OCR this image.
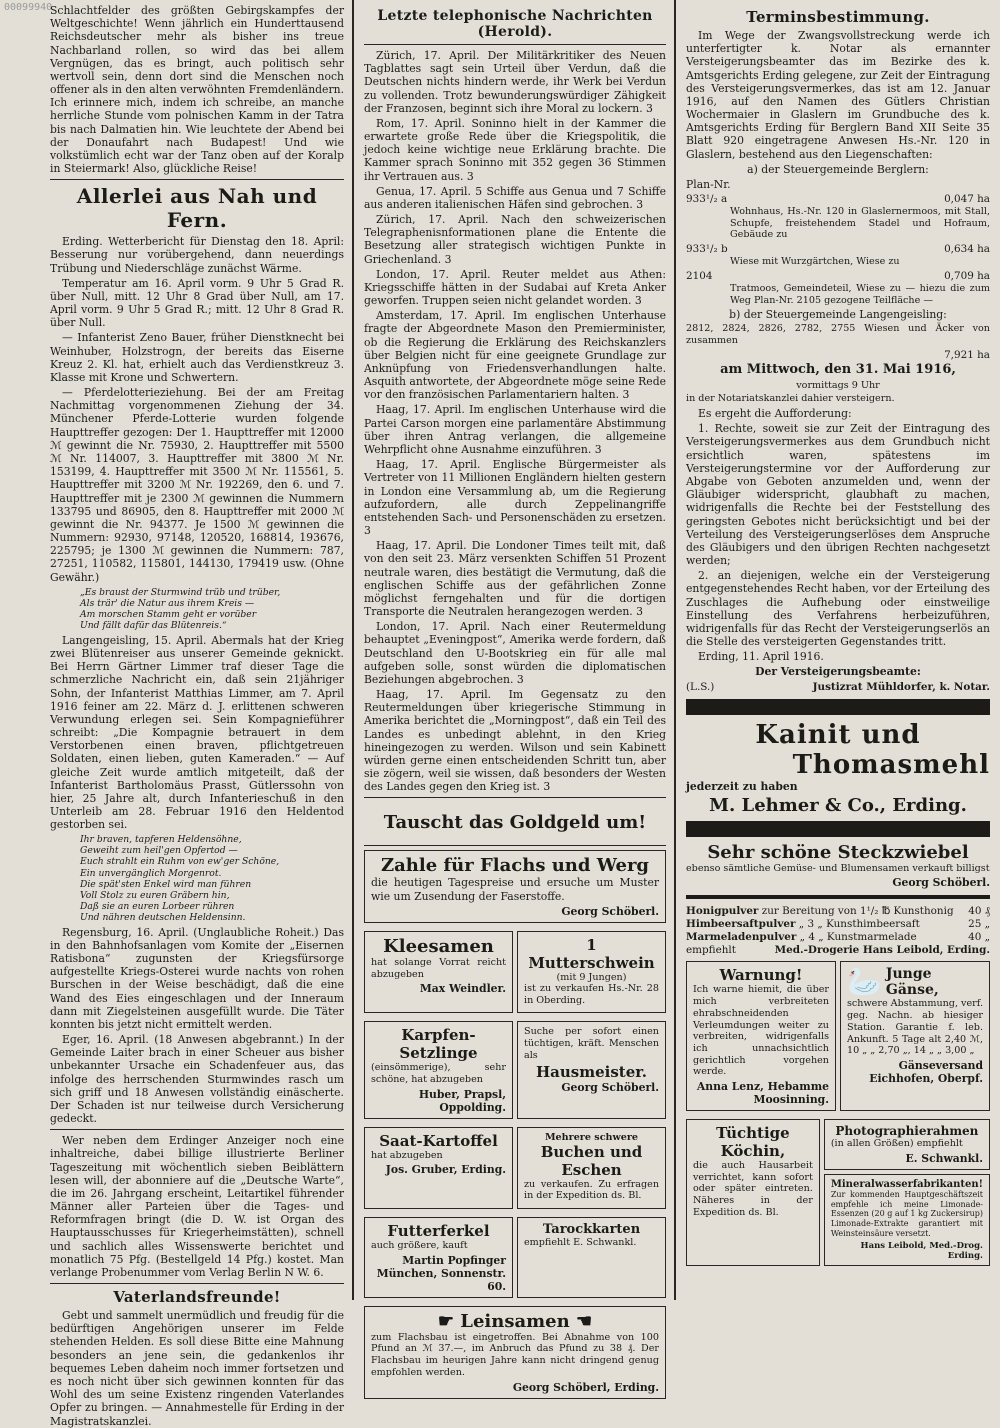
00099940

Schlachtfelder des größten Gebirgskampfes der Weltgeschichte! Wenn jährlich ein Hunderttausend Reichsdeutscher mehr als bisher ins treue Nachbarland rollen, so wird das bei allem Vergnügen, das es bringt, auch politisch sehr wertvoll sein, denn dort sind die Menschen noch offener als in den alten verwöhnten Fremdenländern. Ich erinnere mich, indem ich schreibe, an manche herrliche Stunde vom polnischen Kamm in der Tatra bis nach Dalmatien hin. Wie leuchtete der Abend bei der Donaufahrt nach Budapest! Und wie volkstümlich echt war der Tanz oben auf der Koralp in Steiermark! Also, glückliche Reise!

Allerlei aus Nah und Fern.

Erding. Wetterbericht für Dienstag den 18. April: Besserung nur vorübergehend, dann neuerdings Trübung und Niederschläge zunächst Wärme.

Temperatur am 16. April vorm. 9 Uhr 5 Grad R. über Null, mitt. 12 Uhr 8 Grad über Null, am 17. April vorm. 9 Uhr 5 Grad R.; mitt. 12 Uhr 8 Grad R. über Null.

— Infanterist Zeno Bauer, früher Dienstknecht bei Weinhuber, Holzstrogn, der bereits das Eiserne Kreuz 2. Kl. hat, erhielt auch das Verdienstkreuz 3. Klasse mit Krone und Schwertern.

— Pferdelotterieziehung. Bei der am Freitag Nachmittag vorgenommenen Ziehung der 34. Münchener Pferde-Lotterie wurden folgende Haupttreffer gezogen: Der 1. Haupttreffer mit 12000 ℳ gewinnt die Nr. 75930, 2. Haupttreffer mit 5500 ℳ Nr. 114007, 3. Haupttreffer mit 3800 ℳ Nr. 153199, 4. Haupttreffer mit 3500 ℳ Nr. 115561, 5. Haupttreffer mit 3200 ℳ Nr. 192269, den 6. und 7. Haupttreffer mit je 2300 ℳ gewinnen die Nummern 133795 und 86905, den 8. Haupttreffer mit 2000 ℳ gewinnt die Nr. 94377. Je 1500 ℳ gewinnen die Nummern: 92930, 97148, 120520, 168814, 193676, 225795; je 1300 ℳ gewinnen die Nummern: 787, 27251, 110582, 115801, 144130, 179419 usw. (Ohne Gewähr.)

„Es braust der Sturmwind trüb und trüber,
Als trär' die Natur aus ihrem Kreis —
Am morschen Stamm geht er vorüber
Und fällt dafür das Blütenreis.“

Langengeisling, 15. April. Abermals hat der Krieg zwei Blütenreiser aus unserer Gemeinde geknickt. Bei Herrn Gärtner Limmer traf dieser Tage die schmerzliche Nachricht ein, daß sein 21jähriger Sohn, der Infanterist Matthias Limmer, am 7. April 1916 feiner am 22. März d. J. erlittenen schweren Verwundung erlegen sei. Sein Kompagnieführer schreibt: „Die Kompagnie betrauert in dem Verstorbenen einen braven, pflichtgetreuen Soldaten, einen lieben, guten Kameraden.“ — Auf gleiche Zeit wurde amtlich mitgeteilt, daß der Infanterist Bartholomäus Prasst, Gütlerssohn von hier, 25 Jahre alt, durch Infanterieschuß in den Unterleib am 28. Februar 1916 den Heldentod gestorben sei.

Ihr braven, tapferen Heldensöhne,
Geweiht zum heil'gen Opfertod —
Euch strahlt ein Ruhm von ew'ger Schöne,
Ein unvergänglich Morgenrot.
Die spät'sten Enkel wird man führen
Voll Stolz zu euren Gräbern hin,
Daß sie an euren Lorbeer rühren
Und nähren deutschen Heldensinn.

Regensburg, 16. April. (Unglaubliche Roheit.) Das in den Bahnhofsanlagen vom Komite der „Eisernen Ratisbona“ zugunsten der Kriegsfürsorge aufgestellte Kriegs-Osterei wurde nachts von rohen Burschen in der Weise beschädigt, daß die eine Wand des Eies eingeschlagen und der Inneraum dann mit Ziegelsteinen ausgefüllt wurde. Die Täter konnten bis jetzt nicht ermittelt werden.

Eger, 16. April. (18 Anwesen abgebrannt.) In der Gemeinde Laiter brach in einer Scheuer aus bisher unbekannter Ursache ein Schadenfeuer aus, das infolge des herrschenden Sturmwindes rasch um sich griff und 18 Anwesen vollständig einäscherte. Der Schaden ist nur teilweise durch Versicherung gedeckt.

Wer neben dem Erdinger Anzeiger noch eine inhaltreiche, dabei billige illustrierte Berliner Tageszeitung mit wöchentlich sieben Beiblättern lesen will, der abonniere auf die „Deutsche Warte“, die im 26. Jahrgang erscheint, Leitartikel führender Männer aller Parteien über die Tages- und Reformfragen bringt (die D. W. ist Organ des Hauptausschusses für Kriegerheimstätten), schnell und sachlich alles Wissenswerte berichtet und monatlich 75 Pfg. (Bestellgeld 14 Pfg.) kostet. Man verlange Probenummer vom Verlag Berlin N W. 6.

Vaterlandsfreunde!

Gebt und sammelt unermüdlich und freudig für die bedürftigen Angehörigen unserer im Felde stehenden Helden. Es soll diese Bitte eine Mahnung besonders an jene sein, die gedankenlos ihr bequemes Leben daheim noch immer fortsetzen und es noch nicht über sich gewinnen konnten für das Wohl des um seine Existenz ringenden Vaterlandes Opfer zu bringen. — Annahmestelle für Erding in der Magistratskanzlei.

Letzte telephonische Nachrichten (Herold).

Zürich, 17. April. Der Militärkritiker des Neuen Tagblattes sagt sein Urteil über Verdun, daß die Deutschen nichts hindern werde, ihr Werk bei Verdun zu vollenden. Trotz bewunderungswürdiger Zähigkeit der Franzosen, beginnt sich ihre Moral zu lockern. 3

Rom, 17. April. Soninno hielt in der Kammer die erwartete große Rede über die Kriegspolitik, die jedoch keine wichtige neue Erklärung brachte. Die Kammer sprach Soninno mit 352 gegen 36 Stimmen ihr Vertrauen aus. 3

Genua, 17. April. 5 Schiffe aus Genua und 7 Schiffe aus anderen italienischen Häfen sind gebrochen. 3

Zürich, 17. April. Nach den schweizerischen Telegraphenisnformationen plane die Entente die Besetzung aller strategisch wichtigen Punkte in Griechenland. 3

London, 17. April. Reuter meldet aus Athen: Kriegsschiffe hätten in der Sudabai auf Kreta Anker geworfen. Truppen seien nicht gelandet worden. 3

Amsterdam, 17. April. Im englischen Unterhause fragte der Abgeordnete Mason den Premierminister, ob die Regierung die Erklärung des Reichskanzlers über Belgien nicht für eine geeignete Grundlage zur Anknüpfung von Friedensverhandlungen halte. Asquith antwortete, der Abgeordnete möge seine Rede vor den französischen Parlamentariern halten. 3

Haag, 17. April. Im englischen Unterhause wird die Partei Carson morgen eine parlamentäre Abstimmung über ihren Antrag verlangen, die allgemeine Wehrpflicht ohne Ausnahme einzuführen. 3

Haag, 17. April. Englische Bürgermeister als Vertreter von 11 Millionen Engländern hielten gestern in London eine Versammlung ab, um die Regierung aufzufordern, alle durch Zeppelinangriffe entstehenden Sach- und Personenschäden zu ersetzen. 3

Haag, 17. April. Die Londoner Times teilt mit, daß von den seit 23. März versenkten Schiffen 51 Prozent neutrale waren, dies bestätigt die Vermutung, daß die englischen Schiffe aus der gefährlichen Zonne möglichst ferngehalten und für die dortigen Transporte die Neutralen herangezogen werden. 3

London, 17. April. Nach einer Reutermeldung behauptet „Eveningpost“, Amerika werde fordern, daß Deutschland den U-Bootskrieg ein für alle mal aufgeben solle, sonst würden die diplomatischen Beziehungen abgebrochen. 3

Haag, 17. April. Im Gegensatz zu den Reutermeldungen über kriegerische Stimmung in Amerika berichtet die „Morningpost“, daß ein Teil des Landes es unbedingt ablehnt, in den Krieg hineingezogen zu werden. Wilson und sein Kabinett würden gerne einen entscheidenden Schritt tun, aber sie zögern, weil sie wissen, daß besonders der Westen des Landes gegen den Krieg ist. 3

Tauscht das Goldgeld um!
Zahle für Flachs und Werg

die heutigen Tagespreise und ersuche um Muster wie um Zusendung der Faserstoffe.

Georg Schöberl.
Kleesamen

hat solange Vorrat reicht abzugeben

Max Weindler.
1 Mutterschwein
(mit 9 Jungen)

ist zu verkaufen Hs.-Nr. 28 in Oberding.

Karpfen-Setzlinge

(einsömmerige), sehr schöne, hat abzugeben

Huber, Prapsl, Oppolding.

Suche per sofort einen tüchtigen, kräft. Menschen als

Hausmeister.
Georg Schöberl.
Saat-Kartoffel

hat abzugeben

Jos. Gruber, Erding.
Mehrere schwere
Buchen und Eschen

zu verkaufen. Zu erfragen in der Expedition ds. Bl.

Futterferkel

auch größere, kauft

Martin Popfinger München, Sonnenstr. 60.
Tarockkarten

empfiehlt E. Schwankl.

☛ Leinsamen ☚

zum Flachsbau ist eingetroffen. Bei Abnahme von 100 Pfund an ℳ 37.—, im Anbruch das Pfund zu 38 ₰. Der Flachsbau im heurigen Jahre kann nicht dringend genug empfohlen werden.

Georg Schöberl, Erding.
Terminsbestimmung.

Im Wege der Zwangsvollstreckung werde ich unterfertigter k. Notar als ernannter Versteigerungsbeamter das im Bezirke des k. Amtsgerichts Erding gelegene, zur Zeit der Eintragung des Versteigerungsvermerkes, das ist am 12. Januar 1916, auf den Namen des Gütlers Christian Wochermaier in Glaslern im Grundbuche des k. Amtsgerichts Erding für Berglern Band XII Seite 35 Blatt 920 eingetragene Anwesen Hs.-Nr. 120 in Glaslern, bestehend aus den Liegenschaften:

a) der Steuergemeinde Berglern:

Plan-Nr.

933¹/₂ a	0,047 ha

Wohnhaus, Hs.-Nr. 120 in Glaslernermoos, mit Stall, Schupfe, freistehendem Stadel und Hofraum, Gebäude zu

933¹/₂ b	0,634 ha

Wiese mit Wurzgärtchen, Wiese zu

2104	0,709 ha

Tratmoos, Gemeindeteil, Wiese zu — hiezu die zum Weg Plan-Nr. 2105 gezogene Teilfläche —

b) der Steuergemeinde Langengeisling:

2812, 2824, 2826, 2782, 2755 Wiesen und Äcker von zusammen

7,921 ha

am Mittwoch, den 31. Mai 1916,

vormittags 9 Uhr

in der Notariatskanzlei dahier versteigern.

Es ergeht die Aufforderung:

1. Rechte, soweit sie zur Zeit der Eintragung des Versteigerungsvermerkes aus dem Grundbuch nicht ersichtlich waren, spätestens im Versteigerungstermine vor der Aufforderung zur Abgabe von Geboten anzumelden und, wenn der Gläubiger widerspricht, glaubhaft zu machen, widrigenfalls die Rechte bei der Feststellung des geringsten Gebotes nicht berücksichtigt und bei der Verteilung des Versteigerungserlöses dem Anspruche des Gläubigers und den übrigen Rechten nachgesetzt werden;

2. an diejenigen, welche ein der Versteigerung entgegenstehendes Recht haben, vor der Erteilung des Zuschlages die Aufhebung oder einstweilige Einstellung des Verfahrens herbeizuführen, widrigenfalls für das Recht der Versteigerungserlös an die Stelle des versteigerten Gegenstandes tritt.

Erding, 11. April 1916.

Der Versteigerungsbeamte:

(L.S.)	Justizrat Mühldorfer, k. Notar.
Kainit und
Thomasmehl

jederzeit zu haben

M. Lehmer & Co., Erding.
Sehr schöne Steckzwiebel

ebenso sämtliche Gemüse- und Blumensamen verkauft billigst

Georg Schöberl.
Honigpulver zur Bereitung von 1¹/₂ ℔ Kunsthonig 40 ₰
Himbeersaftpulver „ 3 „ Kunsthimbeersaft	25 „
Marmeladenpulver „ 4 „ Kunstmarmelade	40 „
empfiehlt	Med.-Drogerie Hans Leibold, Erding.
Warnung!

Ich warne hiemit, die über mich verbreiteten ehrabschneidenden Verleumdungen weiter zu verbreiten, widrigenfalls ich unnachsichtlich gerichtlich vorgehen werde.

Anna Lenz, Hebamme Moosinning.
🦢 Junge Gänse,

schwere Abstammung, verf. geg. Nachn. ab hiesiger Station. Garantie f. leb. Ankunft. 5 Tage alt 2,40 ℳ, 10 „ „ 2,70 „, 14 „ „ 3,00 „

Gänseversand Eichhofen, Oberpf.
Tüchtige Köchin,

die auch Hausarbeit verrichtet, kann sofort oder später eintreten. Näheres in der Expedition ds. Bl.

Photographierahmen

(in allen Größen) empfiehlt

E. Schwankl.
Mineralwasserfabrikanten!

Zur kommenden Hauptgeschäftszeit empfehle ich meine Limonade-Essenzen (20 g auf 1 kg Zuckersirup) Limonade-Extrakte garantiert mit Weinsteinsäure versetzt.

Hans Leibold, Med.-Drog. Erding.
